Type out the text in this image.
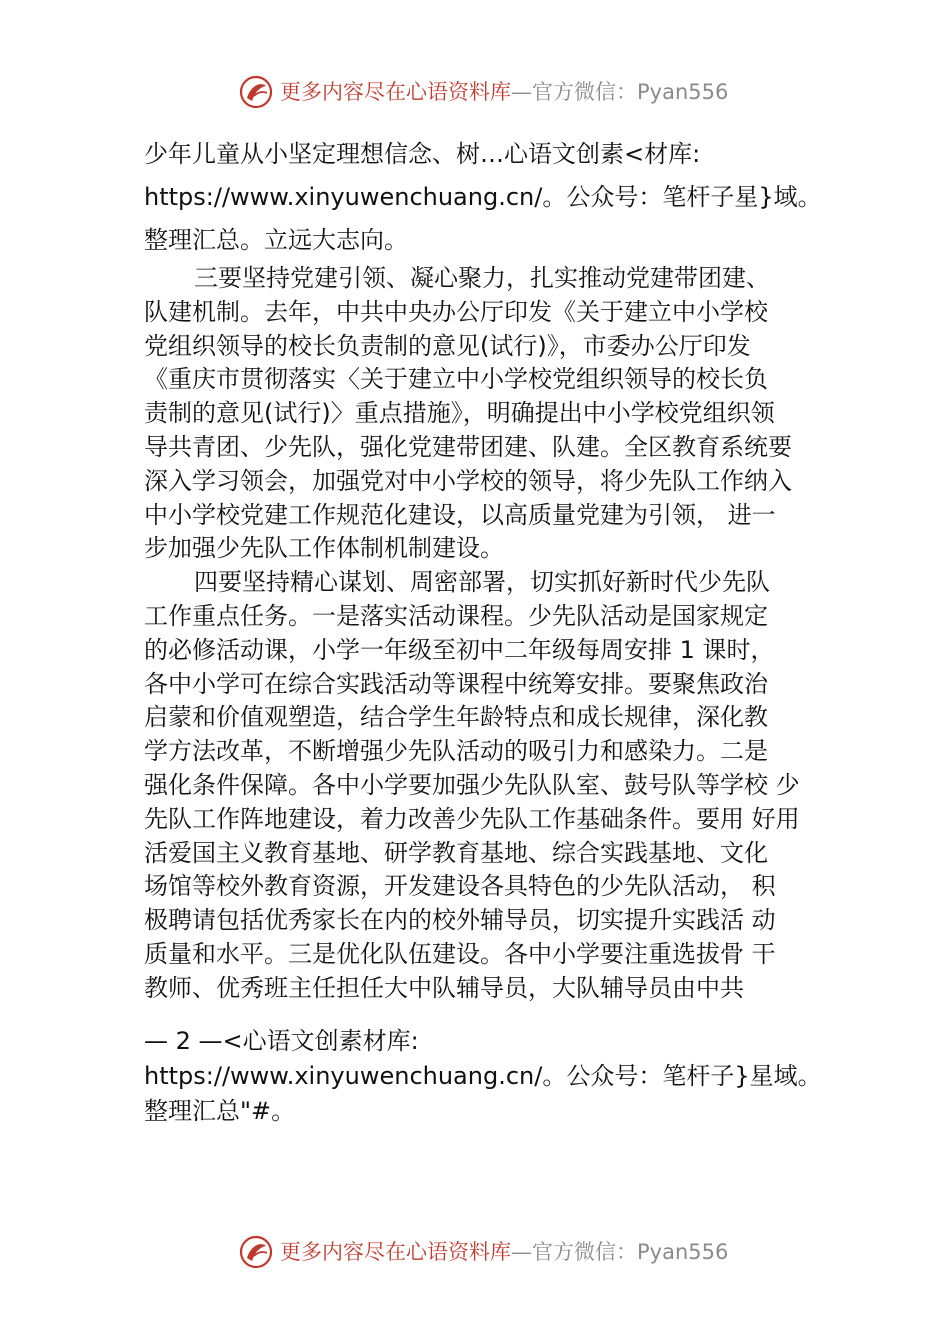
更多内容尽在心语资料库—官方微信：Pyan556
少年儿童从小坚定理想信念、树…心语文创素<材库:
https://www.xinyuwenchuang.cn/。公众号：笔杆子星}域。
整理汇总。立远大志向。
三要坚持党建引领、凝心聚力，扎实推动党建带团建、
队建机制。去年，中共中央办公厅印发《关于建立中小学校
党组织领导的校长负责制的意见(试行)》，市委办公厅印发
《重庆市贯彻落实〈关于建立中小学校党组织领导的校长负
责制的意见(试行)〉重点措施》，明确提出中小学校党组织领
导共青团、少先队，强化党建带团建、队建。全区教育系统要
深入学习领会，加强党对中小学校的领导，将少先队工作纳入
中小学校党建工作规范化建设，以高质量党建为引领， 进一
步加强少先队工作体制机制建设。
四要坚持精心谋划、周密部署，切实抓好新时代少先队
工作重点任务。一是落实活动课程。少先队活动是国家规定
的必修活动课，小学一年级至初中二年级每周安排 1 课时，
各中小学可在综合实践活动等课程中统筹安排。要聚焦政治
启蒙和价值观塑造，结合学生年龄特点和成长规律，深化教
学方法改革，不断增强少先队活动的吸引力和感染力。二是
强化条件保障。各中小学要加强少先队队室、鼓号队等学校 少
先队工作阵地建设，着力改善少先队工作基础条件。要用 好用
活爱国主义教育基地、研学教育基地、综合实践基地、文化
场馆等校外教育资源，开发建设各具特色的少先队活动， 积
极聘请包括优秀家长在内的校外辅导员，切实提升实践活 动
质量和水平。三是优化队伍建设。各中小学要注重选拔骨 干
教师、优秀班主任担任大中队辅导员，大队辅导员由中共
— 2 —<心语文创素材库:
https://www.xinyuwenchuang.cn/。公众号：笔杆子}星域。
整理汇总"#。
更多内容尽在心语资料库—官方微信：Pyan556
